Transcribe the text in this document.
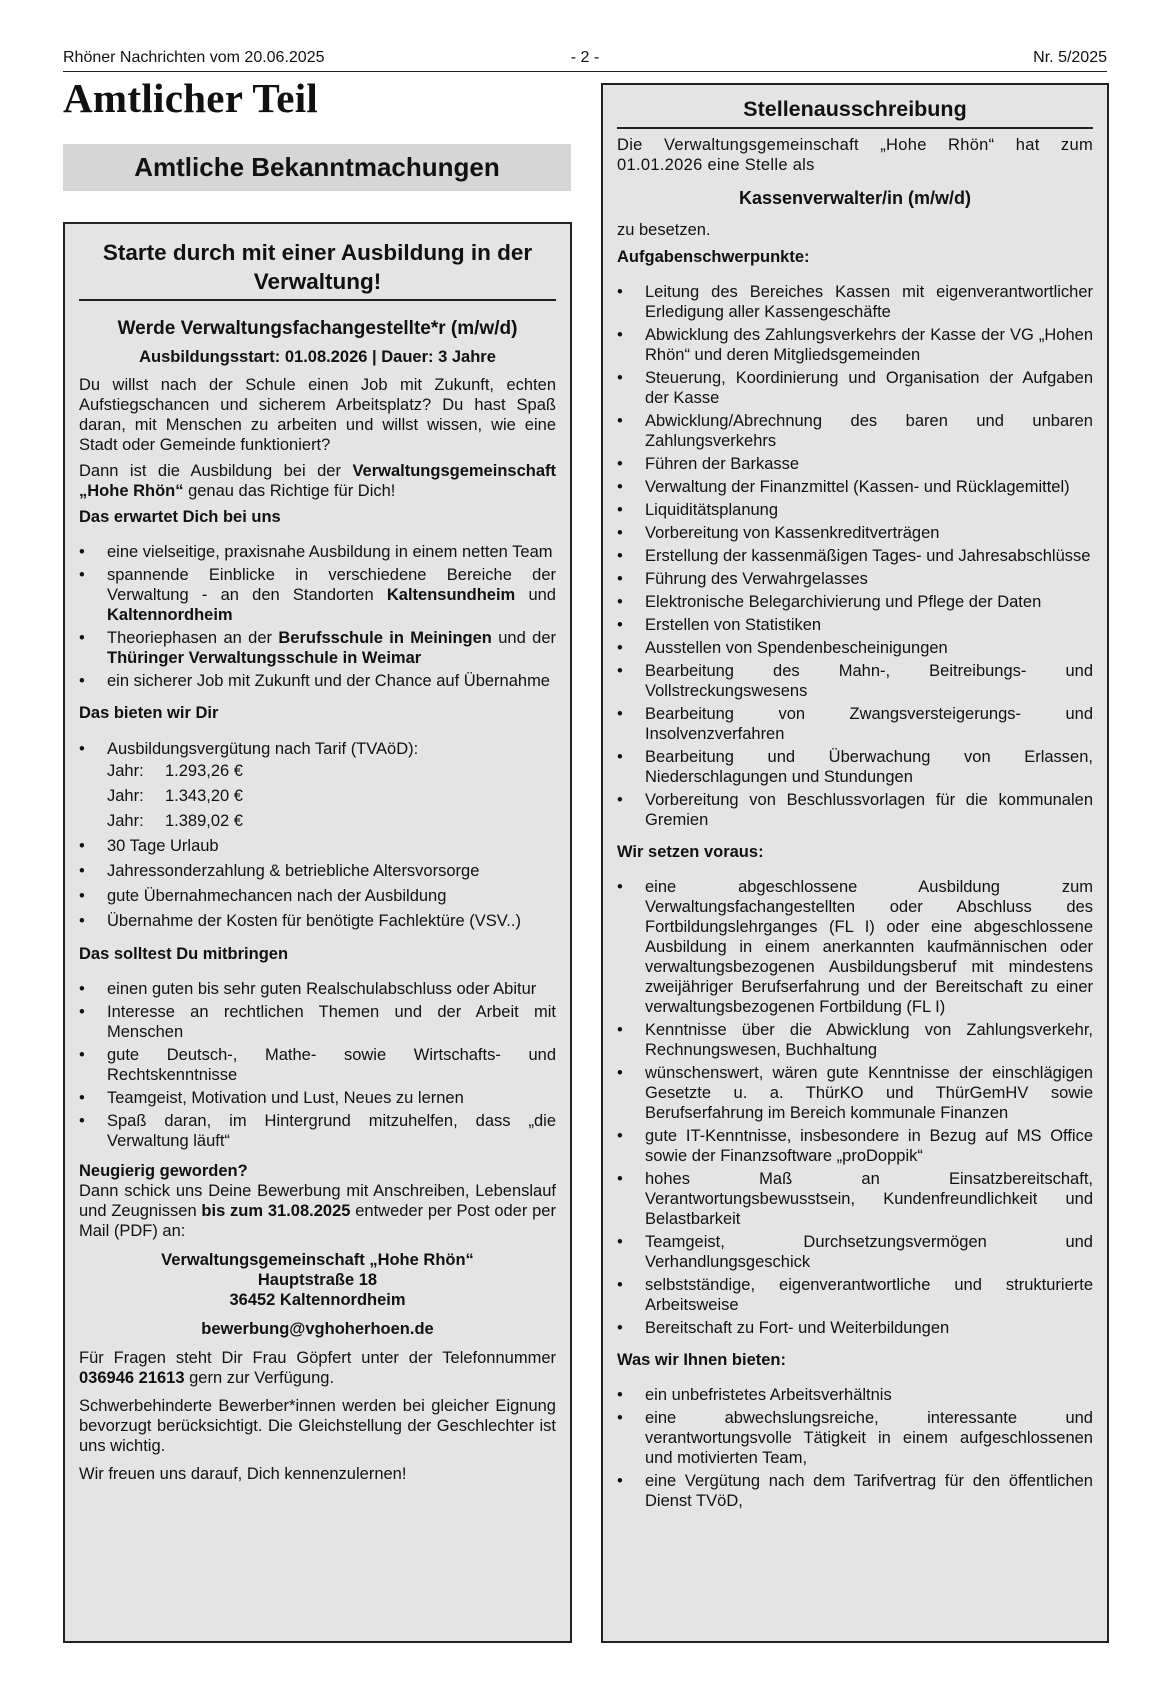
Rhöner Nachrichten vom 20.06.2025	- 2 -	Nr. 5/2025
Amtlicher Teil
Amtliche Bekanntmachungen
Starte durch mit einer Ausbildung in der Verwaltung!
Werde Verwaltungsfachangestellte*r (m/w/d)
Ausbildungsstart: 01.08.2026 | Dauer: 3 Jahre
Du willst nach der Schule einen Job mit Zukunft, echten Aufstiegschancen und sicherem Arbeitsplatz? Du hast Spaß daran, mit Menschen zu arbeiten und willst wissen, wie eine Stadt oder Gemeinde funktioniert?
Dann ist die Ausbildung bei der Verwaltungsgemeinschaft „Hohe Rhön“ genau das Richtige für Dich!
Das erwartet Dich bei uns
• eine vielseitige, praxisnahe Ausbildung in einem netten Team
• spannende Einblicke in verschiedene Bereiche der Verwaltung - an den Standorten Kaltensundheim und Kaltennordheim
• Theoriephasen an der Berufsschule in Meiningen und der Thüringer Verwaltungsschule in Weimar
• ein sicherer Job mit Zukunft und der Chance auf Übernahme
Das bieten wir Dir
• Ausbildungsvergütung nach Tarif (TVAöD):
Jahr:	1.293,26 €
Jahr:	1.343,20 €
Jahr:	1.389,02 €
• 30 Tage Urlaub
• Jahressonderzahlung & betriebliche Altersvorsorge
• gute Übernahmechancen nach der Ausbildung
• Übernahme der Kosten für benötigte Fachlektüre (VSV..)
Das solltest Du mitbringen
• einen guten bis sehr guten Realschulabschluss oder Abitur
• Interesse an rechtlichen Themen und der Arbeit mit Menschen
• gute Deutsch-, Mathe- sowie Wirtschafts- und Rechtskenntnisse
• Teamgeist, Motivation und Lust, Neues zu lernen
• Spaß daran, im Hintergrund mitzuhelfen, dass „die Verwaltung läuft“
Neugierig geworden?
Dann schick uns Deine Bewerbung mit Anschreiben, Lebenslauf und Zeugnissen bis zum 31.08.2025 entweder per Post oder per Mail (PDF) an:
Verwaltungsgemeinschaft „Hohe Rhön“
Hauptstraße 18
36452 Kaltennordheim
bewerbung@vghoherhoen.de
Für Fragen steht Dir Frau Göpfert unter der Telefonnummer 036946 21613 gern zur Verfügung.
Schwerbehinderte Bewerber*innen werden bei gleicher Eignung bevorzugt berücksichtigt. Die Gleichstellung der Geschlechter ist uns wichtig.
Wir freuen uns darauf, Dich kennenzulernen!
Stellenausschreibung
Die Verwaltungsgemeinschaft „Hohe Rhön“ hat zum 01.01.2026 eine Stelle als
Kassenverwalter/in (m/w/d)
zu besetzen.
Aufgabenschwerpunkte:
• Leitung des Bereiches Kassen mit eigenverantwortlicher Erledigung aller Kassengeschäfte
• Abwicklung des Zahlungsverkehrs der Kasse der VG „Hohen Rhön“ und deren Mitgliedsgemeinden
• Steuerung, Koordinierung und Organisation der Aufgaben der Kasse
• Abwicklung/Abrechnung des baren und unbaren Zahlungsverkehrs
• Führen der Barkasse
• Verwaltung der Finanzmittel (Kassen- und Rücklagemittel)
• Liquiditätsplanung
• Vorbereitung von Kassenkreditverträgen
• Erstellung der kassenmäßigen Tages- und Jahresabschlüsse
• Führung des Verwahrgelasses
• Elektronische Belegarchivierung und Pflege der Daten
• Erstellen von Statistiken
• Ausstellen von Spendenbescheinigungen
• Bearbeitung des Mahn-, Beitreibungs- und Vollstreckungswesens
• Bearbeitung von Zwangsversteigerungs- und Insolvenzverfahren
• Bearbeitung und Überwachung von Erlassen, Niederschlagungen und Stundungen
• Vorbereitung von Beschlussvorlagen für die kommunalen Gremien
Wir setzen voraus:
• eine abgeschlossene Ausbildung zum Verwaltungsfachangestellten oder Abschluss des Fortbildungslehrganges (FL I) oder eine abgeschlossene Ausbildung in einem anerkannten kaufmännischen oder verwaltungsbezogenen Ausbildungsberuf mit mindestens zweijähriger Berufserfahrung und der Bereitschaft zu einer verwaltungsbezogenen Fortbildung (FL I)
• Kenntnisse über die Abwicklung von Zahlungsverkehr, Rechnungswesen, Buchhaltung
• wünschenswert, wären gute Kenntnisse der einschlägigen Gesetzte u. a. ThürKO und ThürGemHV sowie Berufserfahrung im Bereich kommunale Finanzen
• gute IT-Kenntnisse, insbesondere in Bezug auf MS Office sowie der Finanzsoftware „proDoppik“
• hohes Maß an Einsatzbereitschaft, Verantwortungsbewusstsein, Kundenfreundlichkeit und Belastbarkeit
• Teamgeist, Durchsetzungsvermögen und Verhandlungsgeschick
• selbstständige, eigenverantwortliche und strukturierte Arbeitsweise
• Bereitschaft zu Fort- und Weiterbildungen
Was wir Ihnen bieten:
• ein unbefristetes Arbeitsverhältnis
• eine abwechslungsreiche, interessante und verantwortungsvolle Tätigkeit in einem aufgeschlossenen und motivierten Team,
• eine Vergütung nach dem Tarifvertrag für den öffentlichen Dienst TVöD,
